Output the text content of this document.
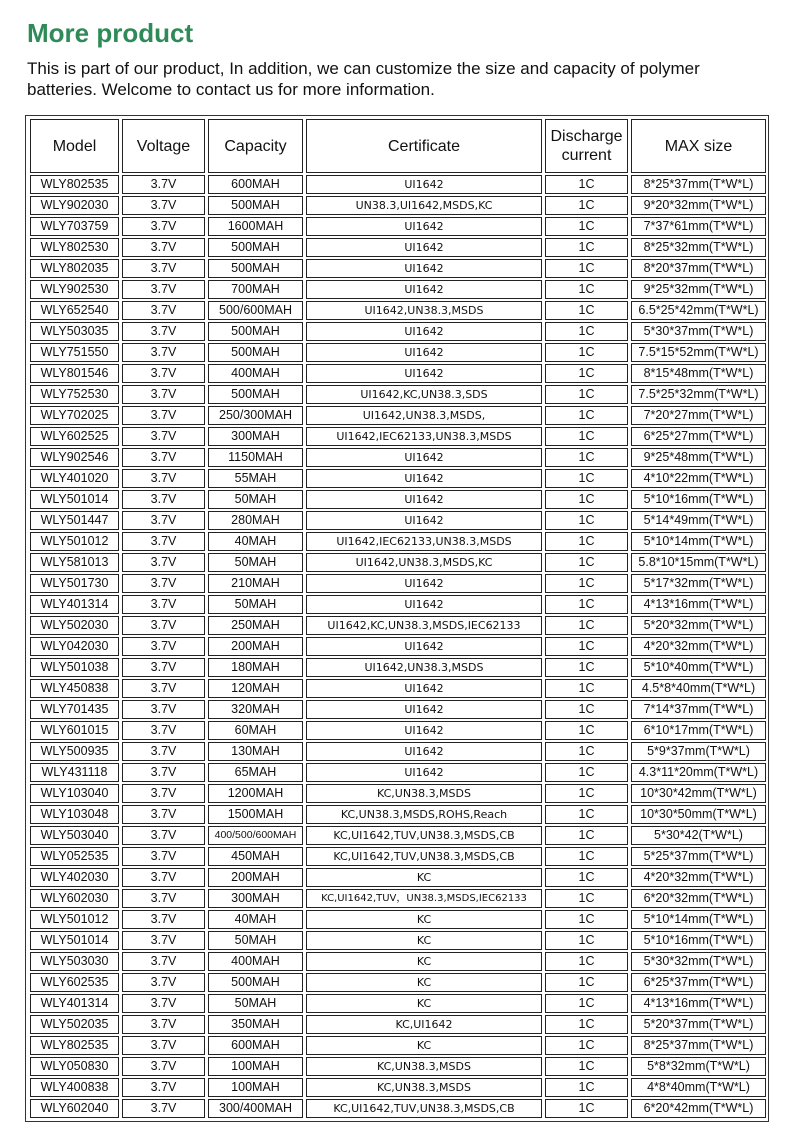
More product

This is part of our product, In addition, we can customize the size and capacity of polymer batteries. Welcome to contact us for more information.

Model	Voltage	Capacity	Certificate	Discharge current	MAX size
WLY802535	3.7V	600MAH	UI1642	1C	8*25*37mm(T*W*L)
WLY902030	3.7V	500MAH	UN38.3,UI1642,MSDS,KC	1C	9*20*32mm(T*W*L)
WLY703759	3.7V	1600MAH	UI1642	1C	7*37*61mm(T*W*L)
WLY802530	3.7V	500MAH	UI1642	1C	8*25*32mm(T*W*L)
WLY802035	3.7V	500MAH	UI1642	1C	8*20*37mm(T*W*L)
WLY902530	3.7V	700MAH	UI1642	1C	9*25*32mm(T*W*L)
WLY652540	3.7V	500/600MAH	UI1642,UN38.3,MSDS	1C	6.5*25*42mm(T*W*L)
WLY503035	3.7V	500MAH	UI1642	1C	5*30*37mm(T*W*L)
WLY751550	3.7V	500MAH	UI1642	1C	7.5*15*52mm(T*W*L)
WLY801546	3.7V	400MAH	UI1642	1C	8*15*48mm(T*W*L)
WLY752530	3.7V	500MAH	UI1642,KC,UN38.3,SDS	1C	7.5*25*32mm(T*W*L)
WLY702025	3.7V	250/300MAH	UI1642,UN38.3,MSDS,	1C	7*20*27mm(T*W*L)
WLY602525	3.7V	300MAH	UI1642,IEC62133,UN38.3,MSDS	1C	6*25*27mm(T*W*L)
WLY902546	3.7V	1150MAH	UI1642	1C	9*25*48mm(T*W*L)
WLY401020	3.7V	55MAH	UI1642	1C	4*10*22mm(T*W*L)
WLY501014	3.7V	50MAH	UI1642	1C	5*10*16mm(T*W*L)
WLY501447	3.7V	280MAH	UI1642	1C	5*14*49mm(T*W*L)
WLY501012	3.7V	40MAH	UI1642,IEC62133,UN38.3,MSDS	1C	5*10*14mm(T*W*L)
WLY581013	3.7V	50MAH	UI1642,UN38.3,MSDS,KC	1C	5.8*10*15mm(T*W*L)
WLY501730	3.7V	210MAH	UI1642	1C	5*17*32mm(T*W*L)
WLY401314	3.7V	50MAH	UI1642	1C	4*13*16mm(T*W*L)
WLY502030	3.7V	250MAH	UI1642,KC,UN38.3,MSDS,IEC62133	1C	5*20*32mm(T*W*L)
WLY042030	3.7V	200MAH	UI1642	1C	4*20*32mm(T*W*L)
WLY501038	3.7V	180MAH	UI1642,UN38.3,MSDS	1C	5*10*40mm(T*W*L)
WLY450838	3.7V	120MAH	UI1642	1C	4.5*8*40mm(T*W*L)
WLY701435	3.7V	320MAH	UI1642	1C	7*14*37mm(T*W*L)
WLY601015	3.7V	60MAH	UI1642	1C	6*10*17mm(T*W*L)
WLY500935	3.7V	130MAH	UI1642	1C	5*9*37mm(T*W*L)
WLY431118	3.7V	65MAH	UI1642	1C	4.3*11*20mm(T*W*L)
WLY103040	3.7V	1200MAH	KC,UN38.3,MSDS	1C	10*30*42mm(T*W*L)
WLY103048	3.7V	1500MAH	KC,UN38.3,MSDS,ROHS,Reach	1C	10*30*50mm(T*W*L)
WLY503040	3.7V	400/500/600MAH	KC,UI1642,TUV,UN38.3,MSDS,CB	1C	5*30*42(T*W*L)
WLY052535	3.7V	450MAH	KC,UI1642,TUV,UN38.3,MSDS,CB	1C	5*25*37mm(T*W*L)
WLY402030	3.7V	200MAH	KC	1C	4*20*32mm(T*W*L)
WLY602030	3.7V	300MAH	KC,UI1642,TUV，UN38.3,MSDS,IEC62133	1C	6*20*32mm(T*W*L)
WLY501012	3.7V	40MAH	KC	1C	5*10*14mm(T*W*L)
WLY501014	3.7V	50MAH	KC	1C	5*10*16mm(T*W*L)
WLY503030	3.7V	400MAH	KC	1C	5*30*32mm(T*W*L)
WLY602535	3.7V	500MAH	KC	1C	6*25*37mm(T*W*L)
WLY401314	3.7V	50MAH	KC	1C	4*13*16mm(T*W*L)
WLY502035	3.7V	350MAH	KC,UI1642	1C	5*20*37mm(T*W*L)
WLY802535	3.7V	600MAH	KC	1C	8*25*37mm(T*W*L)
WLY050830	3.7V	100MAH	KC,UN38.3,MSDS	1C	5*8*32mm(T*W*L)
WLY400838	3.7V	100MAH	KC,UN38.3,MSDS	1C	4*8*40mm(T*W*L)
WLY602040	3.7V	300/400MAH	KC,UI1642,TUV,UN38.3,MSDS,CB	1C	6*20*42mm(T*W*L)
